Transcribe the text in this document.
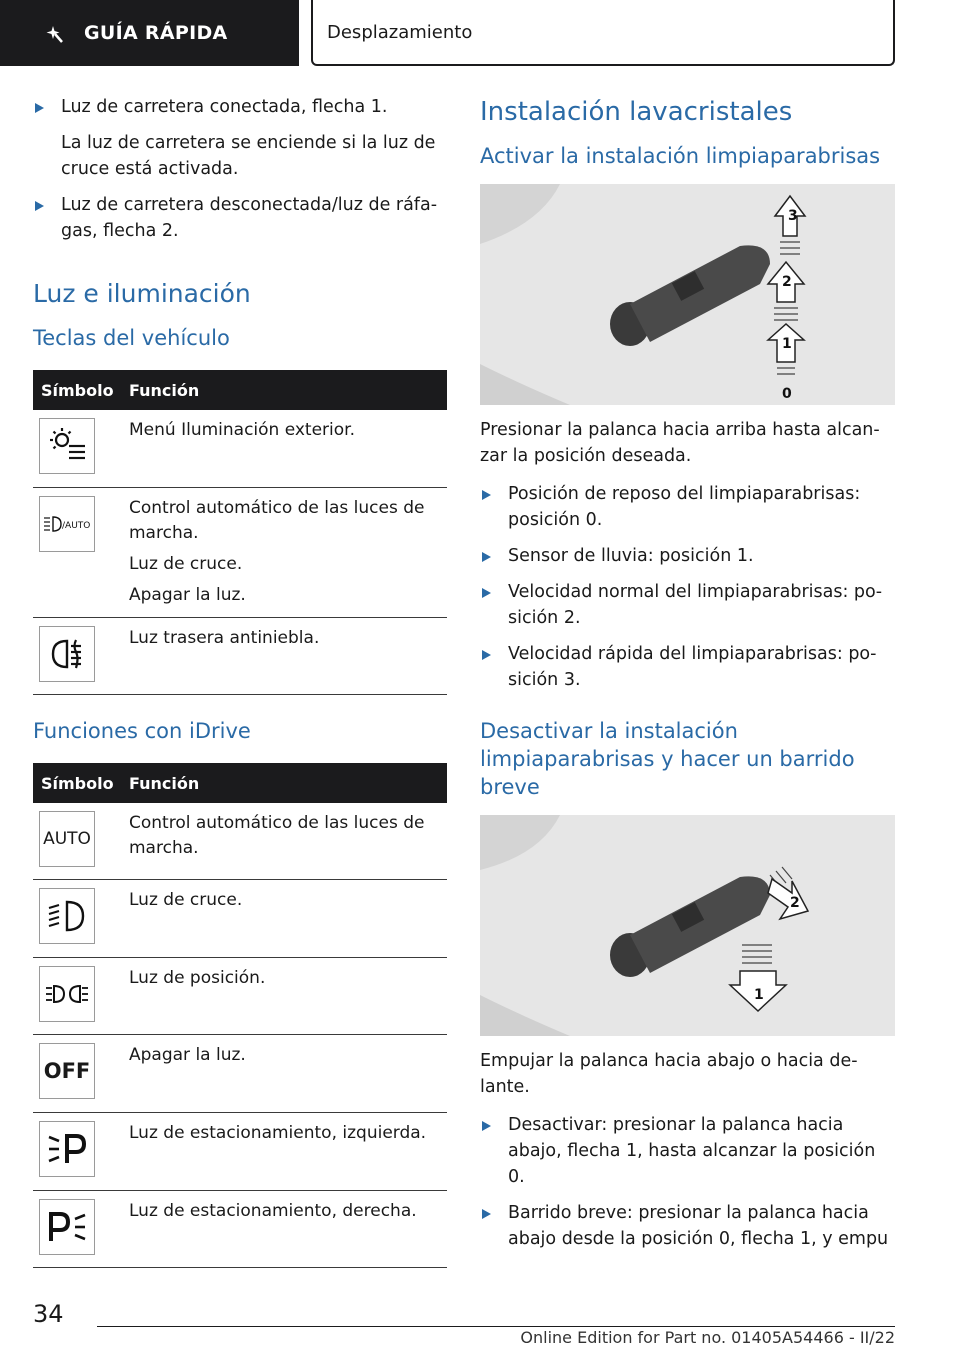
GUÍA RÁPIDA	Desplazamiento
Luz de carretera conectada, flecha 1.
La luz de carretera se enciende si la luz de cruce está activada.
Luz de carretera desconectada/luz de ráfagas, flecha 2.
Luz e iluminación
Teclas del vehículo
Símbolo Función

Menú Iluminación exterior.

/AUTO

Control automático de las luces de marcha.

Luz de cruce.

Apagar la luz.

Luz trasera antiniebla.

Funciones con iDrive
Símbolo Función
AUTO

Control automático de las luces de marcha.

Luz de cruce.

Luz de posición.

OFF

Apagar la luz.

Luz de estacionamiento, izquierda.

Luz de estacionamiento, derecha.

Instalación lavacristales
Activar la instalación limpiaparabrisas
3
2
1
0
Presionar la palanca hacia arriba hasta alcanzar la posición deseada.
Posición de reposo del limpiaparabrisas: posición 0.
Sensor de lluvia: posición 1.
Velocidad normal del limpiaparabrisas: posición 2.
Velocidad rápida del limpiaparabrisas: posición 3.
Desactivar la instalación limpiaparabrisas y hacer un barrido breve
2
1
Empujar la palanca hacia abajo o hacia delante.
Desactivar: presionar la palanca hacia abajo, flecha 1, hasta alcanzar la posición 0.
Barrido breve: presionar la palanca hacia abajo desde la posición 0, flecha 1, y empu
34
Online Edition for Part no. 01405A54466 - II/22
